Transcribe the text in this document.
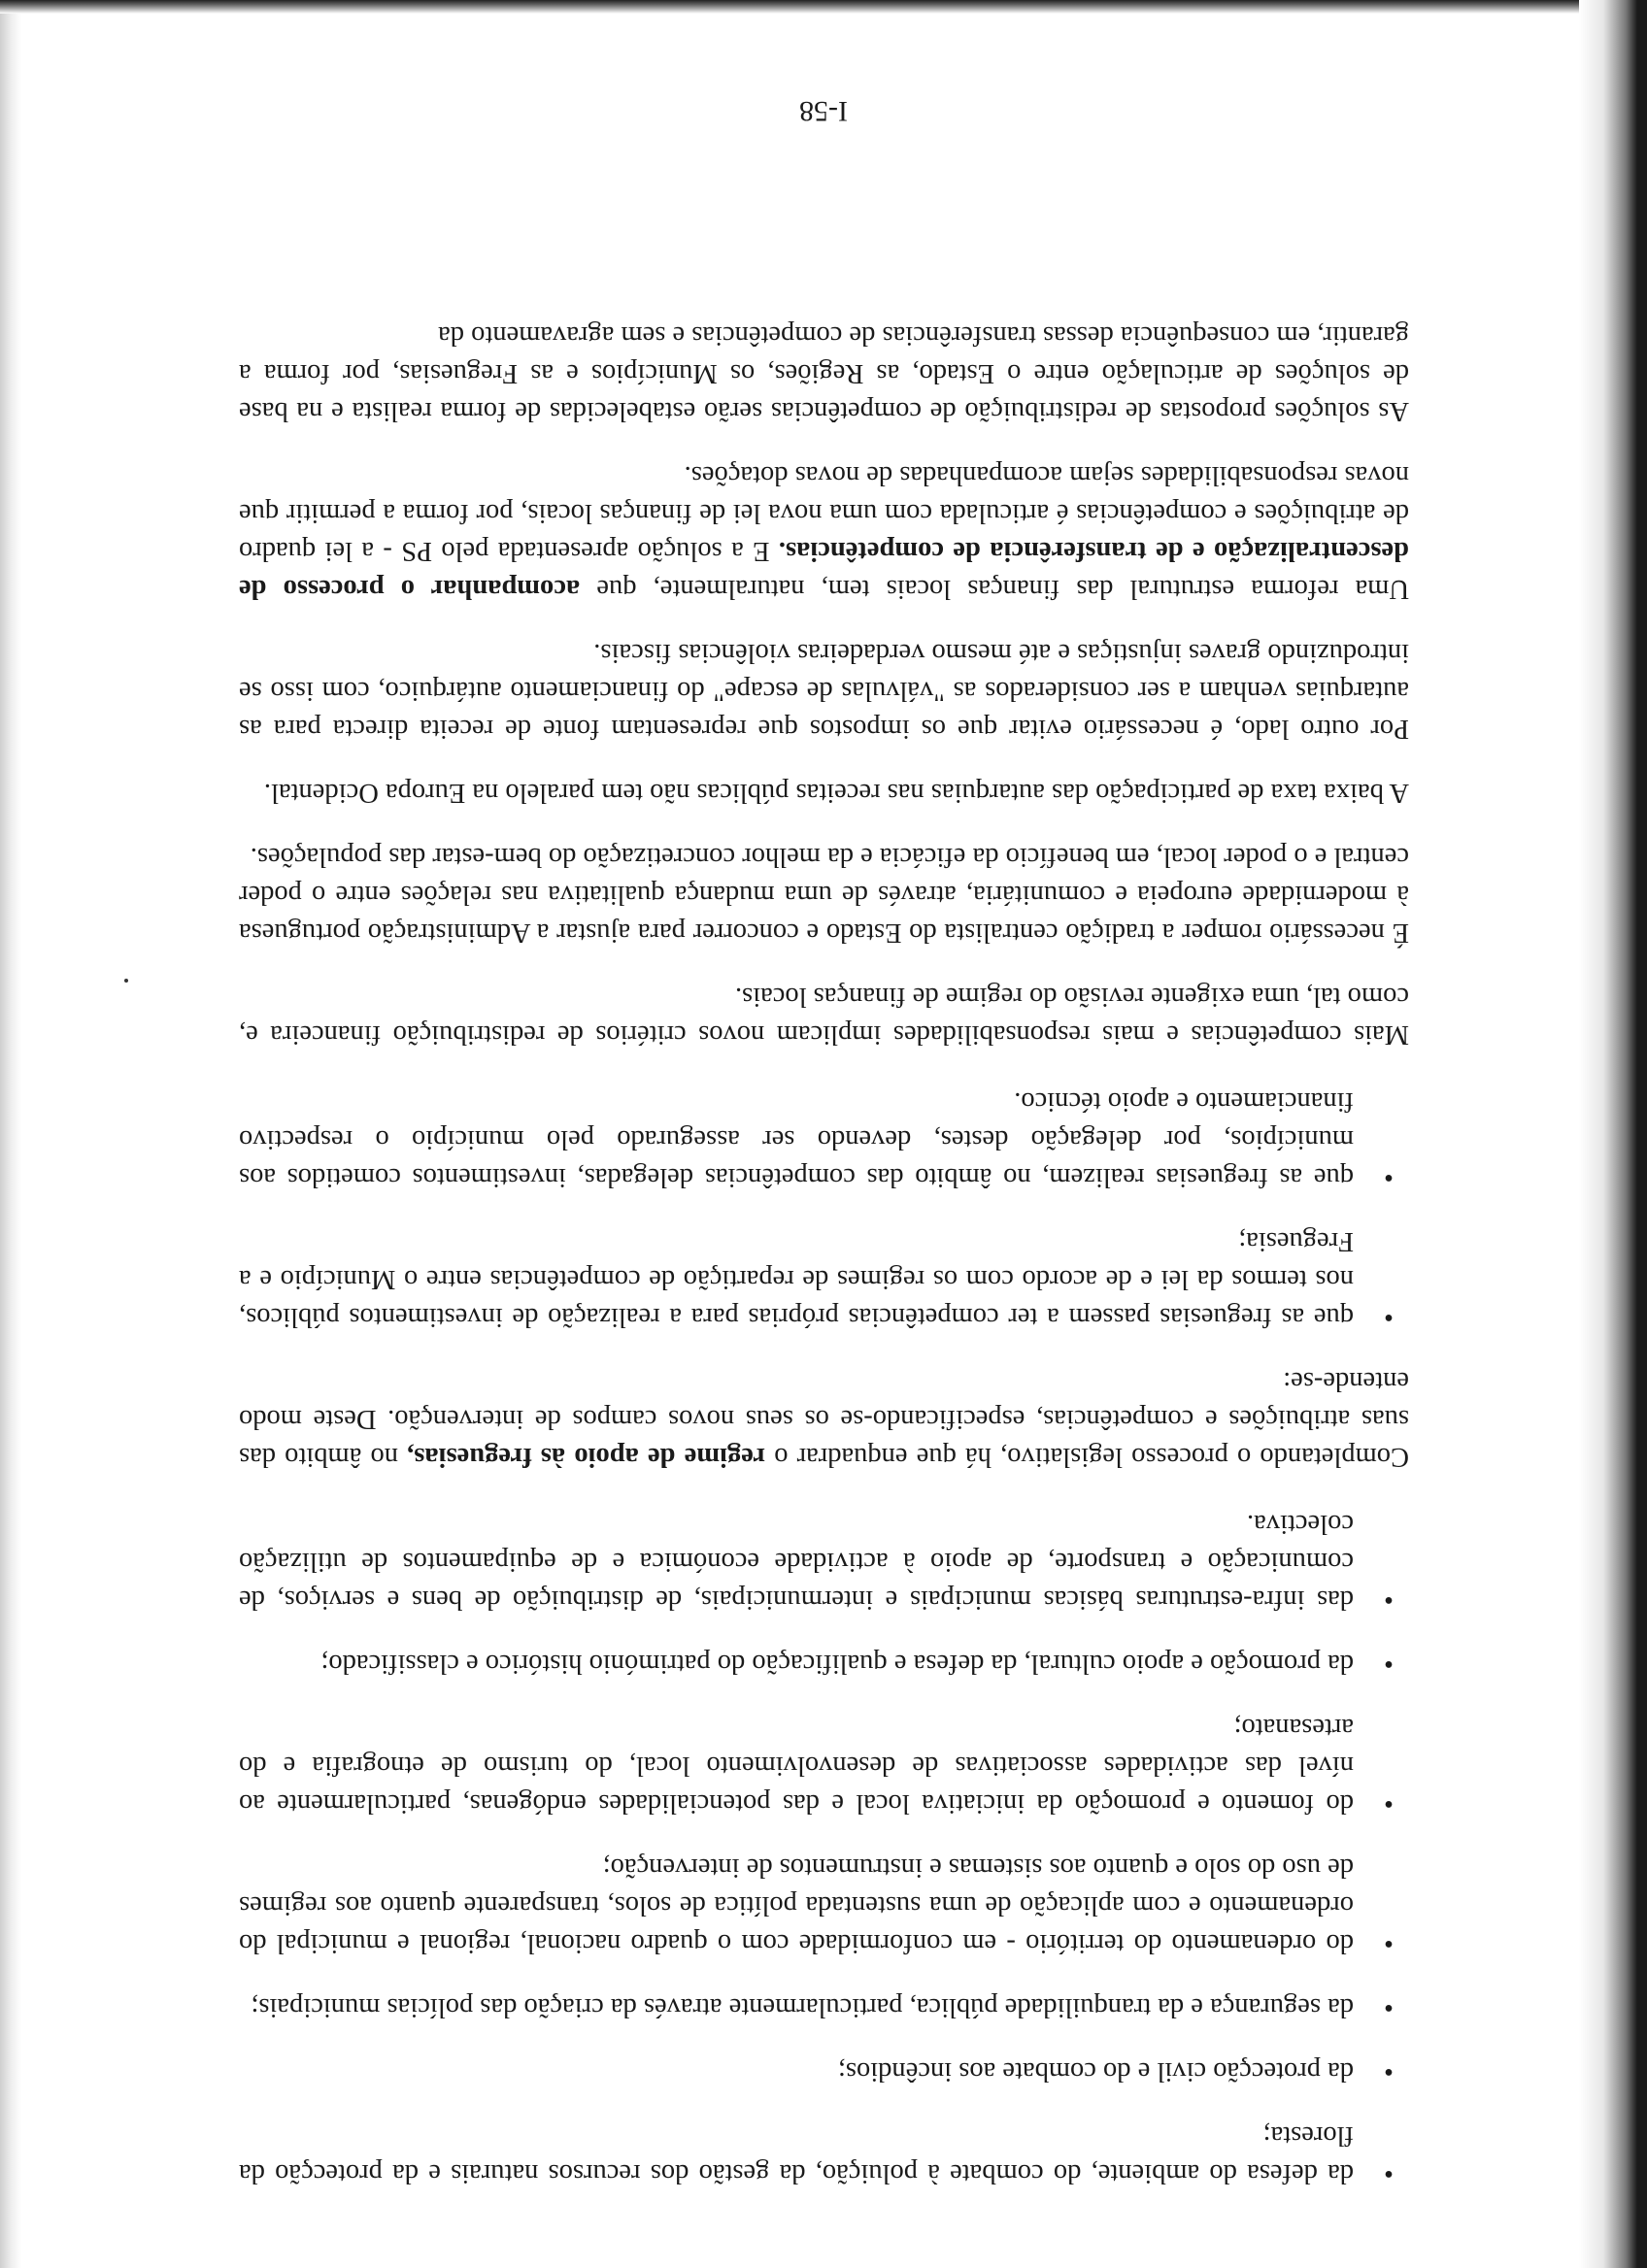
•
da defesa do ambiente, do combate à poluição, da gestão dos recursos naturais e da protecção da floresta;
•
da protecção civil e do combate aos incêndios;
•
da segurança e da tranquilidade pública, particularmente através da criação das polícias municipais;
•
do ordenamento do território - em conformidade com o quadro nacional, regional e municipal do ordenamento e com aplicação de uma sustentada política de solos, transparente quanto aos regimes de uso do solo e quanto aos sistemas e instrumentos de intervenção;
•
do fomento e promoção da iniciativa local e das potencialidades endógenas, particularmente ao nível das actividades associativas de desenvolvimento local, do turismo de etnografia e do artesanato;
•
da promoção e apoio cultural, da defesa e qualificação do património histórico e classificado;
•
das infra-estruturas básicas municipais e intermunicipais, de distribuição de bens e serviços, de comunicação e transporte, de apoio à actividade económica e de equipamentos de utilização colectiva.

Completando o processo legislativo, há que enquadrar o regime de apoio às freguesias, no âmbito das suas atribuições e competências, especificando-se os seus novos campos de intervenção. Deste modo entende-se:

•
que as freguesias passem a ter competências próprias para a realização de investimentos públicos, nos termos da lei e de acordo com os regimes de repartição de competências entre o Município e a Freguesia;
•
que as freguesias realizem, no âmbito das competências delegadas, investimentos cometidos aos municípios, por delegação destes, devendo ser assegurado pelo município o respectivo financiamento e apoio técnico.

Mais competências e mais responsabilidades implicam novos critérios de redistribuição financeira e, como tal, uma exigente revisão do regime de finanças locais.

É necessário romper a tradição centralista do Estado e concorrer para ajustar a Administração portuguesa à modernidade europeia e comunitária, através de uma mudança qualitativa nas relações entre o poder central e o poder local, em benefício da eficácia e da melhor concretização do bem-estar das populações.

A baixa taxa de participação das autarquias nas receitas públicas não tem paralelo na Europa Ocidental.

Por outro lado, é necessário evitar que os impostos que representam fonte de receita directa para as autarquias venham a ser considerados as "válvulas de escape" do financiamento autárquico, com isso se introduzindo graves injustiças e até mesmo verdadeiras violências fiscais.

Uma reforma estrutural das finanças locais tem, naturalmente, que acompanhar o processo de descentralização e de transferência de competências. E a solução apresentada pelo PS - a lei quadro de atribuições e competências é articulada com uma nova lei de finanças locais, por forma a permitir que novas responsabilidades sejam acompanhadas de novas dotações.

As soluções propostas de redistribuição de competências serão estabelecidas de forma realista e na base de soluções de articulação entre o Estado, as Regiões, os Municípios e as Freguesias, por forma a garantir, em consequência dessas transferências de competências e sem agravamento da

I-58
